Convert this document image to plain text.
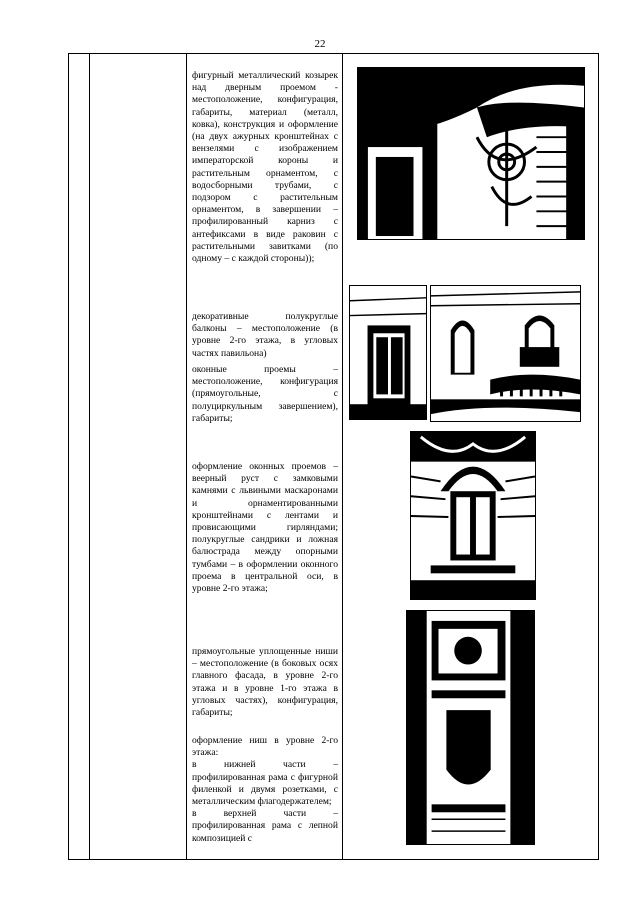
22

фигурный металлический козырек над дверным проемом - местоположение, конфигурация, габариты, материал (металл, ковка), конструкция и оформление (на двух ажурных кронштейнах с вензелями с изображением императорской короны и растительным орнаментом, с водосборными трубами, с подзором с растительным орнаментом, в завершении – профилированный карниз с антефиксами в виде раковин с растительными завитками (по одному – с каждой стороны));

декоративные полукруглые балконы – местоположение (в уровне 2-го этажа, в угловых частях павильона)

оконные проемы – местоположение, конфигурация (прямоугольные, с полуциркульным завершением), габариты;

оформление оконных проемов – веерный руст с замковыми камнями с львиными маскаронами и орнаментированными кронштейнами с лентами и провисающими гирляндами; полукруглые сандрики и ложная балюстрада между опорными тумбами – в оформлении оконного проема в центральной оси, в уровне 2-го этажа;

прямоугольные уплощенные ниши – местоположение (в боковых осях главного фасада, в уровне 2-го этажа и в уровне 1-го этажа в угловых частях), конфигурация, габариты;

оформление ниш в уровне 2-го этажа:

в нижней части – профилированная рама с фигурной филенкой и двумя розетками, с металлическим флагодержателем;

в верхней части – профилированная рама с лепной композицией с
